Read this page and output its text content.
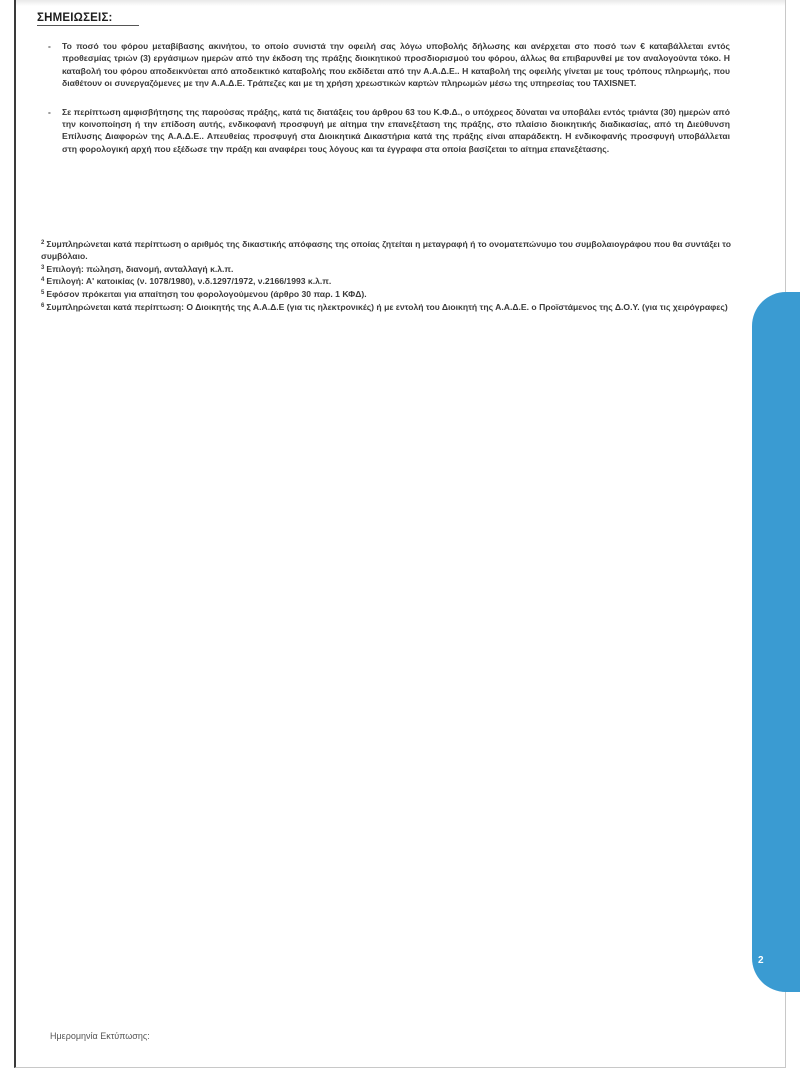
ΣΗΜΕΙΩΣΕΙΣ:
- Το ποσό του φόρου μεταβίβασης ακινήτου, το οποίο συνιστά την οφειλή σας λόγω υποβολής δήλωσης και ανέρχεται στο ποσό των € καταβάλλεται εντός προθεσμίας τριών (3) εργάσιμων ημερών από την έκδοση της πράξης διοικητικού προσδιορισμού του φόρου, άλλως θα επιβαρυνθεί με τον αναλογούντα τόκο. Η καταβολή του φόρου αποδεικνύεται από αποδεικτικό καταβολής που εκδίδεται από την Α.Α.Δ.Ε.. Η καταβολή της οφειλής γίνεται με τους τρόπους πληρωμής, που διαθέτουν οι συνεργαζόμενες με την Α.Α.Δ.Ε. Τράπεζες και με τη χρήση χρεωστικών καρτών πληρωμών μέσω της υπηρεσίας του TAXISNET.
- Σε περίπτωση αμφισβήτησης της παρούσας πράξης, κατά τις διατάξεις του άρθρου 63 του Κ.Φ.Δ., ο υπόχρεος δύναται να υποβάλει εντός τριάντα (30) ημερών από την κοινοποίηση ή την επίδοση αυτής, ενδικοφανή προσφυγή με αίτημα την επανεξέταση της πράξης, στο πλαίσιο διοικητικής διαδικασίας, από τη Διεύθυνση Επίλυσης Διαφορών της Α.Α.Δ.Ε.. Απευθείας προσφυγή στα Διοικητικά Δικαστήρια κατά της πράξης είναι απαράδεκτη. Η ενδικοφανής προσφυγή υποβάλλεται στη φορολογική αρχή που εξέδωσε την πράξη και αναφέρει τους λόγους και τα έγγραφα στα οποία βασίζεται το αίτημα επανεξέτασης.
$^2$ Συμπληρώνεται κατά περίπτωση ο αριθμός της δικαστικής απόφασης της οποίας ζητείται η μεταγραφή ή το ονοματεπώνυμο του συμβολαιογράφου που θα συντάξει το συμβόλαιο.
$^3$ Επιλογή: πώληση, διανομή, ανταλλαγή κ.λ.π.
$^4$ Επιλογή: Α' κατοικίας (ν. 1078/1980), ν.δ.1297/1972, ν.2166/1993 κ.λ.π.
$^5$ Εφόσον πρόκειται για απαίτηση του φορολογούμενου (άρθρο 30 παρ. 1 ΚΦΔ).
$^6$ Συμπληρώνεται κατά περίπτωση: Ο Διοικητής της Α.Α.Δ.Ε (για τις ηλεκτρονικές) ή με εντολή του Διοικητή της Α.Α.Δ.Ε. ο Προϊστάμενος της Δ.Ο.Υ. (για τις χειρόγραφες)
2
Ημερομηνία Εκτύπωσης:
